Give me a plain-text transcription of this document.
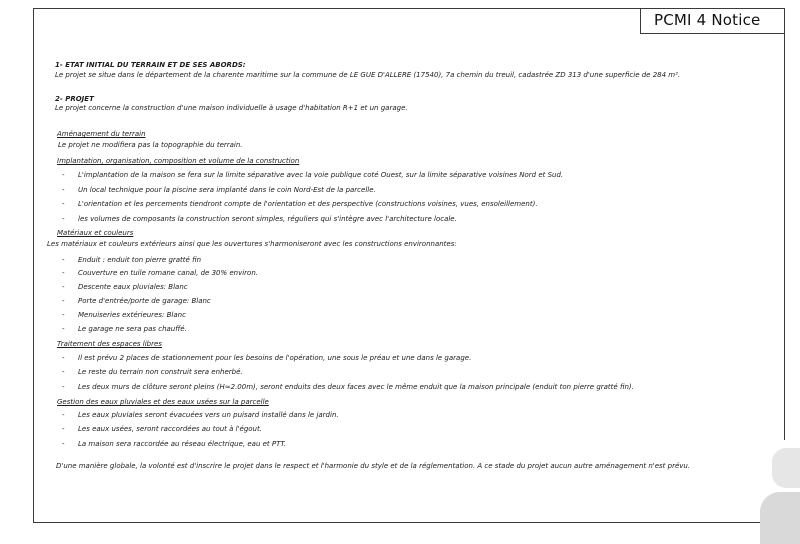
PCMI 4 Notice
1- ETAT INITIAL DU TERRAIN ET DE SES ABORDS:
Le projet se situe dans le département de la charente maritime sur la commune de LE GUE D'ALLERE (17540), 7a chemin du treuil, cadastrée ZD 313 d'une superficie de 284 m².
2- PROJET
Le projet concerne la construction d'une maison individuelle à usage d'habitation R+1 et un garage.
Aménagement du terrain
Le projet ne modifiera pas la topographie du terrain.
Implantation, organisation, composition et volume de la construction
- L'implantation de la maison se fera sur la limite séparative avec la voie publique coté Ouest, sur la limite séparative voisines Nord et Sud.
- Un local technique pour la piscine sera implanté dans le coin Nord-Est de la parcelle.
- L'orientation et les percements tiendront compte de l'orientation et des perspective (constructions voisines, vues, ensoleillement).
- les volumes de composants la construction seront simples, réguliers qui s'intègre avec l'architecture locale.
Matériaux et couleurs
Les matériaux et couleurs extérieurs ainsi que les ouvertures s'harmoniseront avec les constructions environnantes:
- Enduit : enduit ton pierre gratté fin
- Couverture en tuile romane canal, de 30% environ.
- Descente eaux pluviales: Blanc
- Porte d'entrée/porte de garage: Blanc
- Menuiseries extérieures: Blanc
- Le garage ne sera pas chauffé.
Traitement des espaces libres
- Il est prévu 2 places de stationnement pour les besoins de l'opération, une sous le préau et une dans le garage.
- Le reste du terrain non construit sera enherbé.
- Les deux murs de clôture seront pleins (H≈2.00m), seront enduits des deux faces avec le même enduit que la maison principale (enduit ton pierre gratté fin).
Gestion des eaux pluviales et des eaux usées sur la parcelle
- Les eaux pluviales seront évacuées vers un puisard installé dans le jardin.
- Les eaux usées, seront raccordées au tout à l'égout.
- La maison sera raccordée au réseau électrique, eau et PTT.
D'une manière globale, la volonté est d'inscrire le projet dans le respect et l'harmonie du style et de la réglementation. A ce stade du projet aucun autre aménagement n'est prévu.
